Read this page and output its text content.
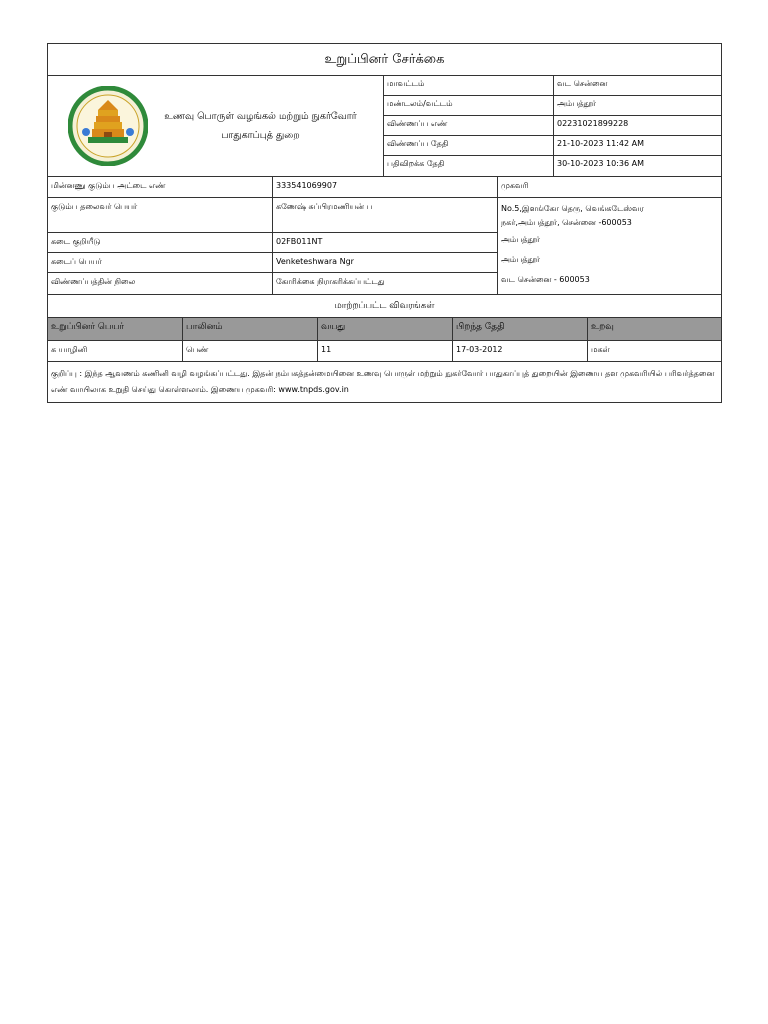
உறுப்பினர் சேர்க்கை
உணவு பொருள் வழங்கல் மற்றும் நுகர்வோர்
பாதுகாப்புத் துறை
மாவட்டம்	வட சென்னை
மண்டலம்/வட்டம்	அம்பத்தூர்
விண்ணப்ப எண்	02231021899228
விண்ணப்ப தேதி	21-10-2023 11:42 AM
பதிவிறக்க தேதி	30-10-2023 10:36 AM
மின்னணு குடும்ப அட்டை எண்	333541069907
குடும்ப தலைவர் பெயர்	கணேஷ் சுப்பிரமணியன் ப
கடை குறியீடு	02FB011NT
கடைப் பெயர்	Venketeshwara Ngr
விண்ணப்பத்தின் நிலை	கோரிக்கை நிராகரிக்கப்பட்டது
முகவரி
No.5,இளங்கோ தெரு, வெங்கடேஸ்வர
நகர்,அம்பத்தூர், சென்னை -600053
அம்பத்தூர்
அம்பத்தூர்
வட சென்னை - 600053
மாற்றப்பட்ட விவரங்கள்
உறுப்பினர் பெயர்	பாலினம்	வயது	பிறந்த தேதி	உறவு
க யாழினி	பெண்	11	17-03-2012	மகள்
குறிப்பு : இந்த ஆவணம் கணினி வழி வழங்கப்பட்டது. இதன் நம்பகத்தன்மையினை உணவு பொருள் மற்றும் நுகர்வோர் பாதுகாப்புத் துறையின் இணைய தள முகவரியில் பரிவர்த்தனை எண் வாயிலாக உறுதி செய்து கொள்ளலாம். இணைய முகவரி: www.tnpds.gov.in
